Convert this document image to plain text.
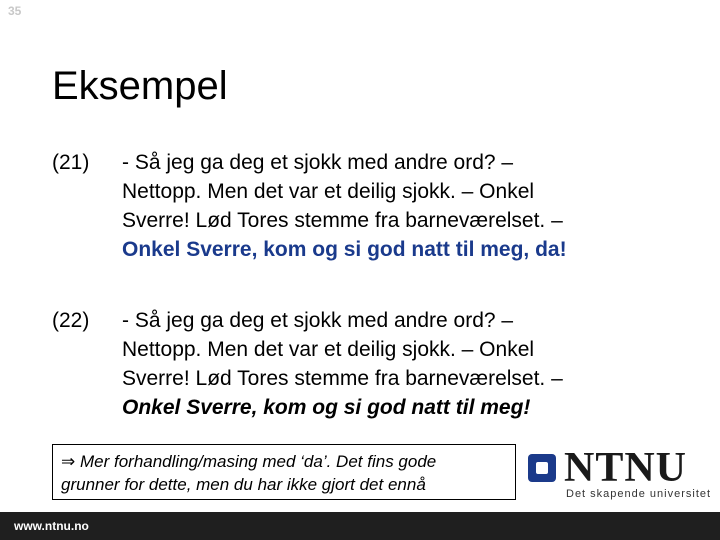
35
Eksempel
(21) - Så jeg ga deg et sjokk med andre ord? –
Nettopp. Men det var et deilig sjokk. – Onkel
Sverre! Lød Tores stemme fra barneværelset. –
Onkel Sverre, kom og si god natt til meg, da!
(22) - Så jeg ga deg et sjokk med andre ord? –
Nettopp. Men det var et deilig sjokk. – Onkel
Sverre! Lød Tores stemme fra barneværelset. –
Onkel Sverre, kom og si god natt til meg!
⇒ Mer forhandling/masing med ‘da’. Det fins gode
grunner for dette, men du har ikke gjort det ennå	NTNU
Det skapende universitet
www.ntnu.no
